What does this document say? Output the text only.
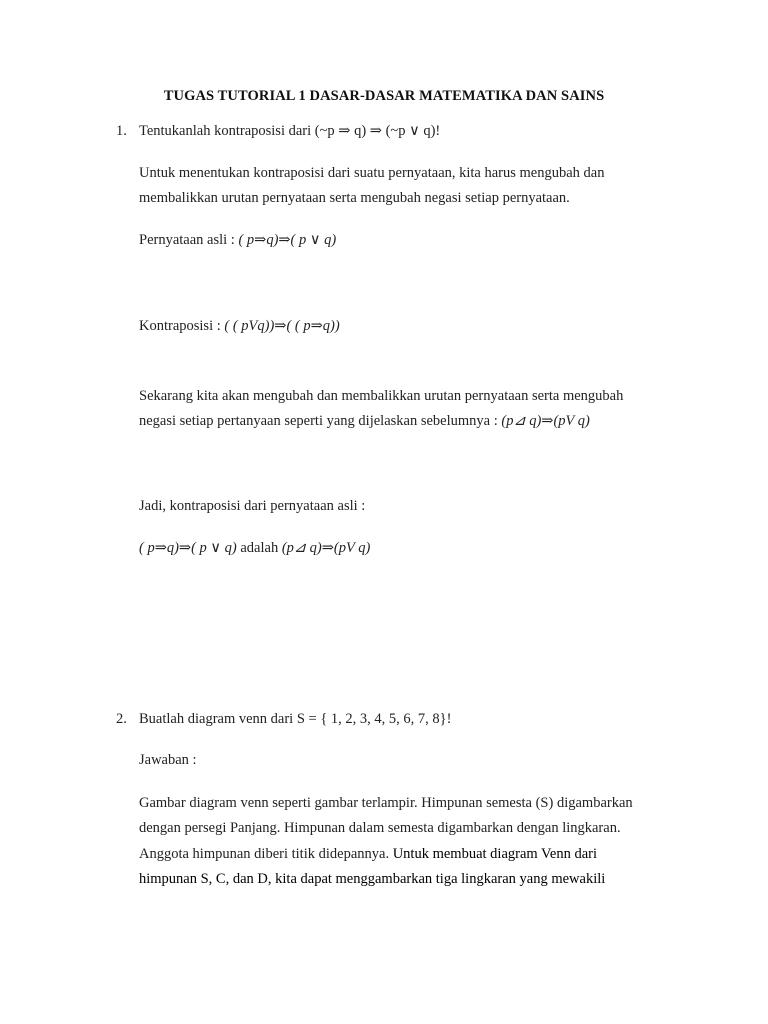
TUGAS TUTORIAL 1 DASAR-DASAR MATEMATIKA DAN SAINS
1. Tentukanlah kontraposisi dari (~p ⇒ q) ⇒ (~p ∨ q)!
Untuk menentukan kontraposisi dari suatu pernyataan, kita harus mengubah dan
membalikkan urutan pernyataan serta mengubah negasi setiap pernyataan.
Pernyataan asli : ( p⇒q)⇒( p ∨ q)
Kontraposisi : ( ( pVq))⇒( ( p⇒q))
Sekarang kita akan mengubah dan membalikkan urutan pernyataan serta mengubah
negasi setiap pertanyaan seperti yang dijelaskan sebelumnya : (p⊿ q)⇒(pV q)
Jadi, kontraposisi dari pernyataan asli :
( p⇒q)⇒( p ∨ q) adalah (p⊿ q)⇒(pV q)
2. Buatlah diagram venn dari S = { 1, 2, 3, 4, 5, 6, 7, 8}!
Jawaban :
Gambar diagram venn seperti gambar terlampir. Himpunan semesta (S) digambarkan
dengan persegi Panjang. Himpunan dalam semesta digambarkan dengan lingkaran.
Anggota himpunan diberi titik didepannya. Untuk membuat diagram Venn dari
himpunan S, C, dan D, kita dapat menggambarkan tiga lingkaran yang mewakili
